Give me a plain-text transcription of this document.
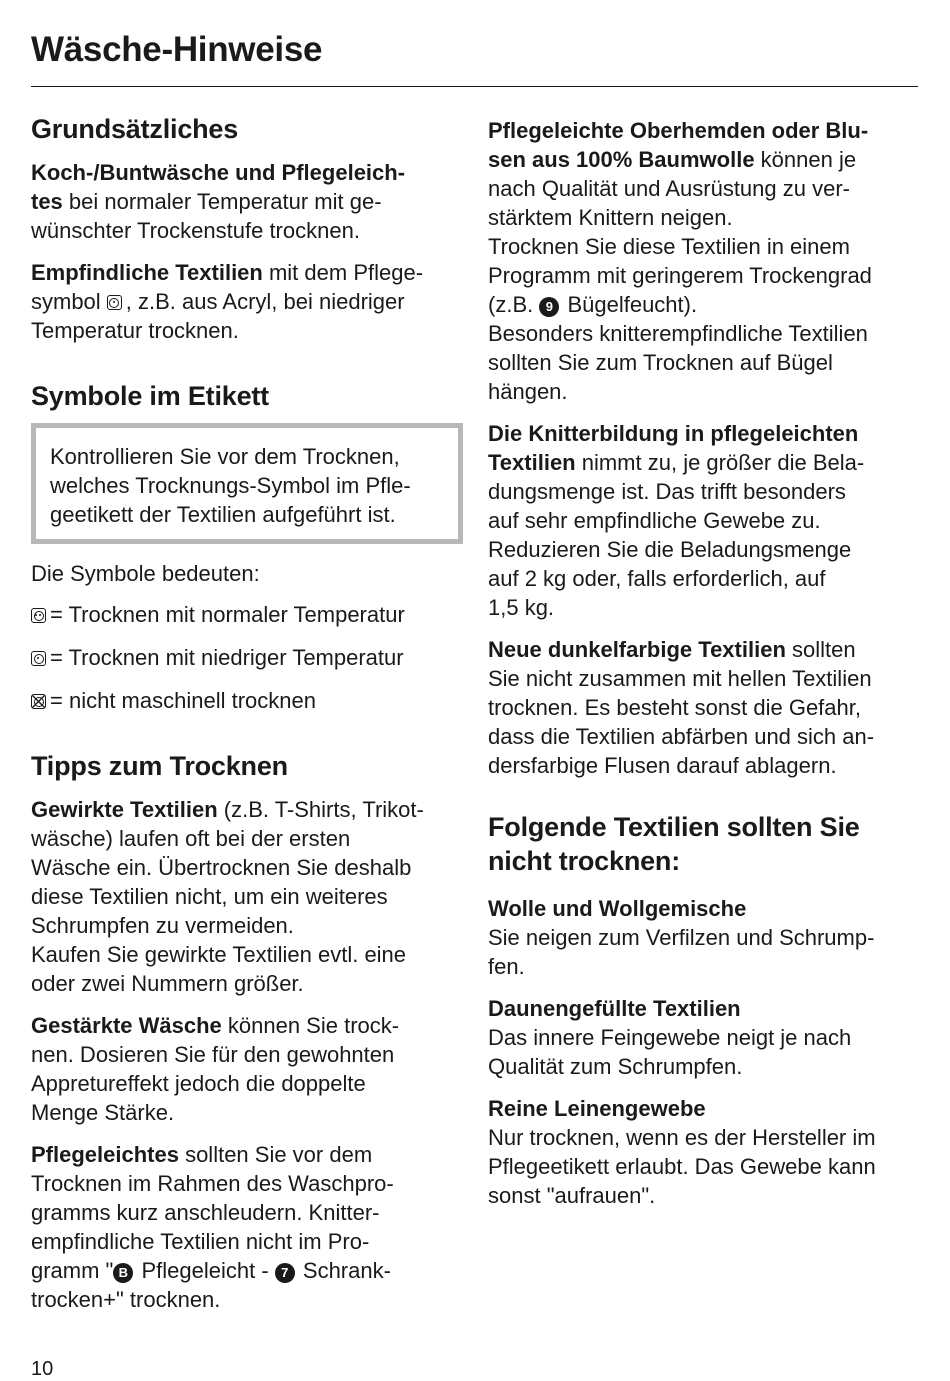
Wäsche-Hinweise
Grundsätzliches

Koch-/Buntwäsche und Pflegeleich-
tes bei normaler Temperatur mit ge-
wünschter Trockenstufe trocknen.

Empfindliche Textilien mit dem Pflege-
symbol
, z.B. aus Acryl, bei niedriger
Temperatur trocknen.

Symbole im Etikett

Kontrollieren Sie vor dem Trocknen,
welches Trocknungs-Symbol im Pfle-
geetikett der Textilien aufgeführt ist.

Die Symbole bedeuten:

= Trocknen mit normaler Temperatur

= Trocknen mit niedriger Temperatur

= nicht maschinell trocknen

Tipps zum Trocknen

Gewirkte Textilien (z.B. T-Shirts, Trikot-
wäsche) laufen oft bei der ersten
Wäsche ein. Übertrocknen Sie deshalb
diese Textilien nicht, um ein weiteres
Schrumpfen zu vermeiden.
Kaufen Sie gewirkte Textilien evtl. eine
oder zwei Nummern größer.

Gestärkte Wäsche können Sie trock-
nen. Dosieren Sie für den gewohnten
Appretureffekt jedoch die doppelte
Menge Stärke.

Pflegeleichtes sollten Sie vor dem
Trocknen im Rahmen des Waschpro-
gramms kurz anschleudern. Knitter-
empfindliche Textilien nicht im Pro-
gramm " B Pflegeleicht - 7 Schrank-
trocken+" trocknen.

Pflegeleichte Oberhemden oder Blu-
sen aus 100% Baumwolle können je
nach Qualität und Ausrüstung zu ver-
stärktem Knittern neigen.
Trocknen Sie diese Textilien in einem
Programm mit geringerem Trockengrad
(z.B. 9 Bügelfeucht).
Besonders knitterempfindliche Textilien
sollten Sie zum Trocknen auf Bügel
hängen.

Die Knitterbildung in pflegeleichten
Textilien nimmt zu, je größer die Bela-
dungsmenge ist. Das trifft besonders
auf sehr empfindliche Gewebe zu.
Reduzieren Sie die Beladungsmenge
auf 2 kg oder, falls erforderlich, auf
1,5 kg.

Neue dunkelfarbige Textilien sollten
Sie nicht zusammen mit hellen Textilien
trocknen. Es besteht sonst die Gefahr,
dass die Textilien abfärben und sich an-
dersfarbige Flusen darauf ablagern.

Folgende Textilien sollten Sie
nicht trocknen:

Wolle und Wollgemische

Sie neigen zum Verfilzen und Schrump-
fen.

Daunengefüllte Textilien

Das innere Feingewebe neigt je nach
Qualität zum Schrumpfen.

Reine Leinengewebe

Nur trocknen, wenn es der Hersteller im
Pflegeetikett erlaubt. Das Gewebe kann
sonst "aufrauen".

10
